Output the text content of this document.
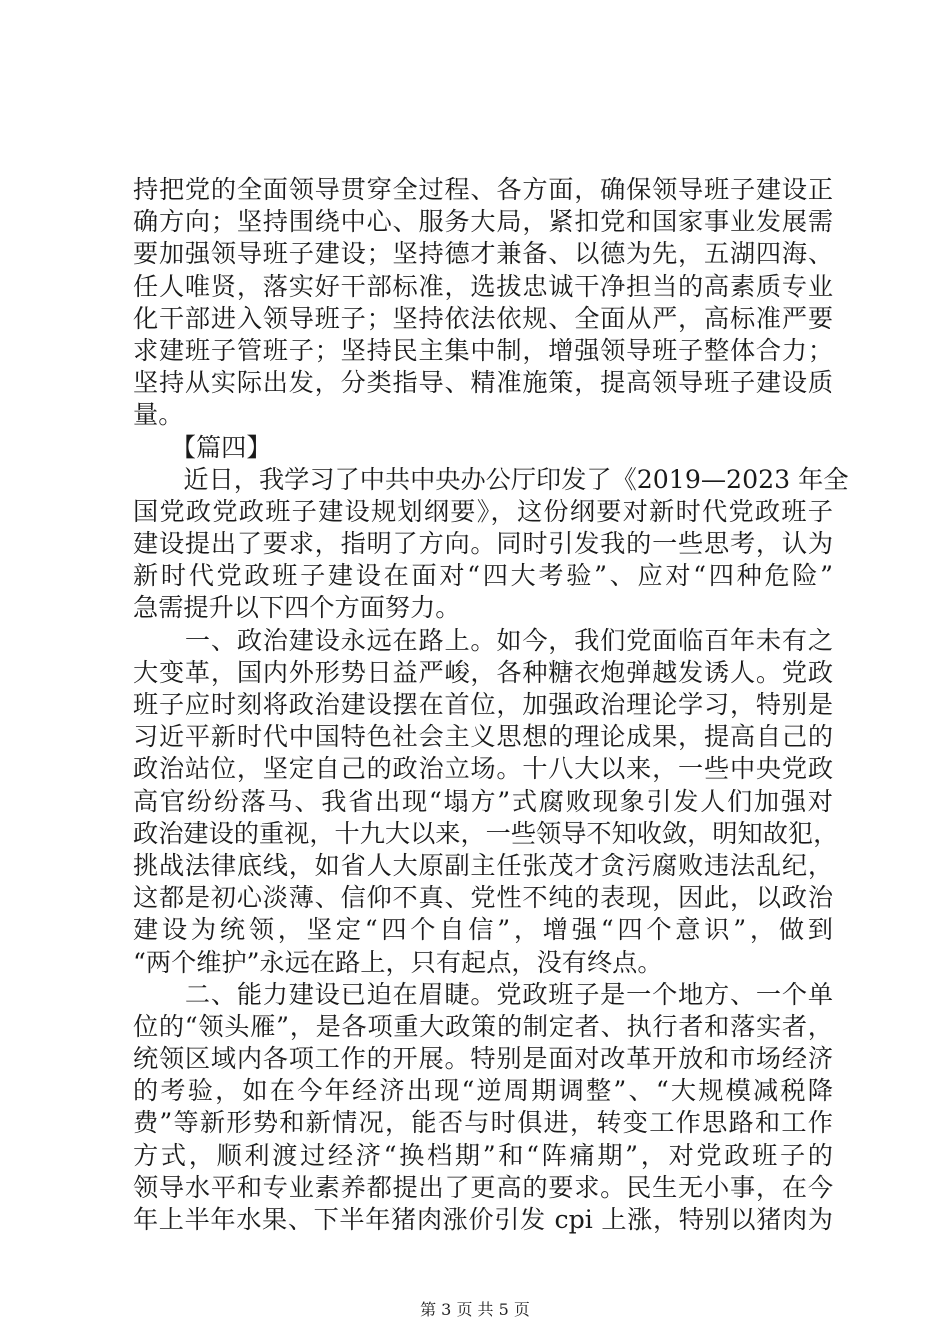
持把党的全面领导贯穿全过程、各方面，确保领导班子建设正
确方向；坚持围绕中心、服务大局，紧扣党和国家事业发展需
要加强领导班子建设；坚持德才兼备、以德为先，五湖四海、
任人唯贤，落实好干部标准，选拔忠诚干净担当的高素质专业
化干部进入领导班子；坚持依法依规、全面从严，高标准严要
求建班子管班子；坚持民主集中制，增强领导班子整体合力；
坚持从实际出发，分类指导、精准施策，提高领导班子建设质
量。
　　【篇四】
　　近日，我学习了中共中央办公厅印发了《2019—2023 年全
国党政党政班子建设规划纲要》，这份纲要对新时代党政班子
建设提出了要求，指明了方向。同时引发我的一些思考，认为
新时代党政班子建设在面对“四大考验”、应对“四种危险”
急需提升以下四个方面努力。
　　一、政治建设永远在路上。如今，我们党面临百年未有之
大变革，国内外形势日益严峻，各种糖衣炮弹越发诱人。党政
班子应时刻将政治建设摆在首位，加强政治理论学习，特别是
习近平新时代中国特色社会主义思想的理论成果，提高自己的
政治站位，坚定自己的政治立场。十八大以来，一些中央党政
高官纷纷落马、我省出现“塌方”式腐败现象引发人们加强对
政治建设的重视，十九大以来，一些领导不知收敛，明知故犯，
挑战法律底线，如省人大原副主任张茂才贪污腐败违法乱纪，
这都是初心淡薄、信仰不真、党性不纯的表现，因此，以政治
建设为统领，坚定“四个自信”，增强“四个意识”，做到
“两个维护”永远在路上，只有起点，没有终点。
　　二、能力建设已迫在眉睫。党政班子是一个地方、一个单
位的“领头雁”，是各项重大政策的制定者、执行者和落实者，
统领区域内各项工作的开展。特别是面对改革开放和市场经济
的考验，如在今年经济出现“逆周期调整”、“大规模减税降
费”等新形势和新情况，能否与时俱进，转变工作思路和工作
方式，顺利渡过经济“换档期”和“阵痛期”，对党政班子的
领导水平和专业素养都提出了更高的要求。民生无小事，在今
年上半年水果、下半年猪肉涨价引发 cpi 上涨，特别以猪肉为
第 3 页 共 5 页
